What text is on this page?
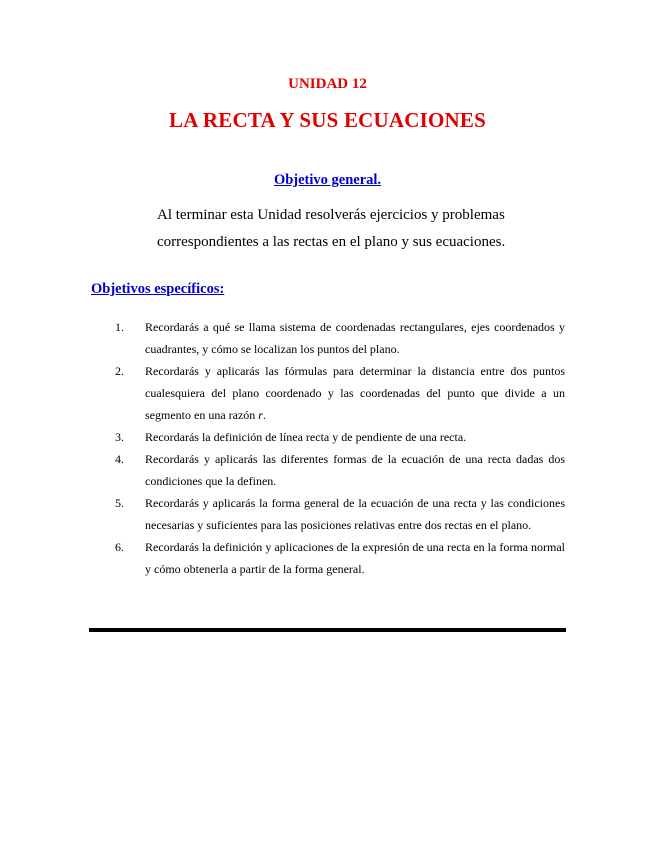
UNIDAD 12
LA RECTA Y SUS ECUACIONES
Objetivo general.
Al terminar esta Unidad resolverás ejercicios y problemas correspondientes a las rectas en el plano y sus ecuaciones.
Objetivos específicos:
1. Recordarás a qué se llama sistema de coordenadas rectangulares, ejes coordenados y cuadrantes, y cómo se localizan los puntos del plano.
2. Recordarás y aplicarás las fórmulas para determinar la distancia entre dos puntos cualesquiera del plano coordenado y las coordenadas del punto que divide a un segmento en una razón r.
3. Recordarás la definición de línea recta y de pendiente de una recta.
4. Recordarás y aplicarás las diferentes formas de la ecuación de una recta dadas dos condiciones que la definen.
5. Recordarás y aplicarás la forma general de la ecuación de una recta y las condiciones necesarias y suficientes para las posiciones relativas entre dos rectas en el plano.
6. Recordarás la definición y aplicaciones de la expresión de una recta en la forma normal y cómo obtenerla a partir de la forma general.
